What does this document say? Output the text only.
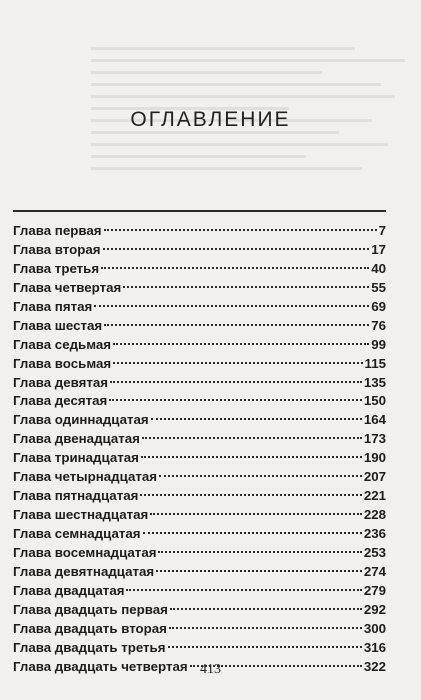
ОГЛАВЛЕНИЕ
Глава первая	7
Глава вторая	17
Глава третья	40
Глава четвертая	55
Глава пятая	69
Глава шестая	76
Глава седьмая	99
Глава восьмая	115
Глава девятая	135
Глава десятая	150
Глава одиннадцатая	164
Глава двенадцатая	173
Глава тринадцатая	190
Глава четырнадцатая	207
Глава пятнадцатая	221
Глава шестнадцатая	228
Глава семнадцатая	236
Глава восемнадцатая	253
Глава девятнадцатая	274
Глава двадцатая	279
Глава двадцать первая	292
Глава двадцать вторая	300
Глава двадцать третья	316
Глава двадцать четвертая	322
413
